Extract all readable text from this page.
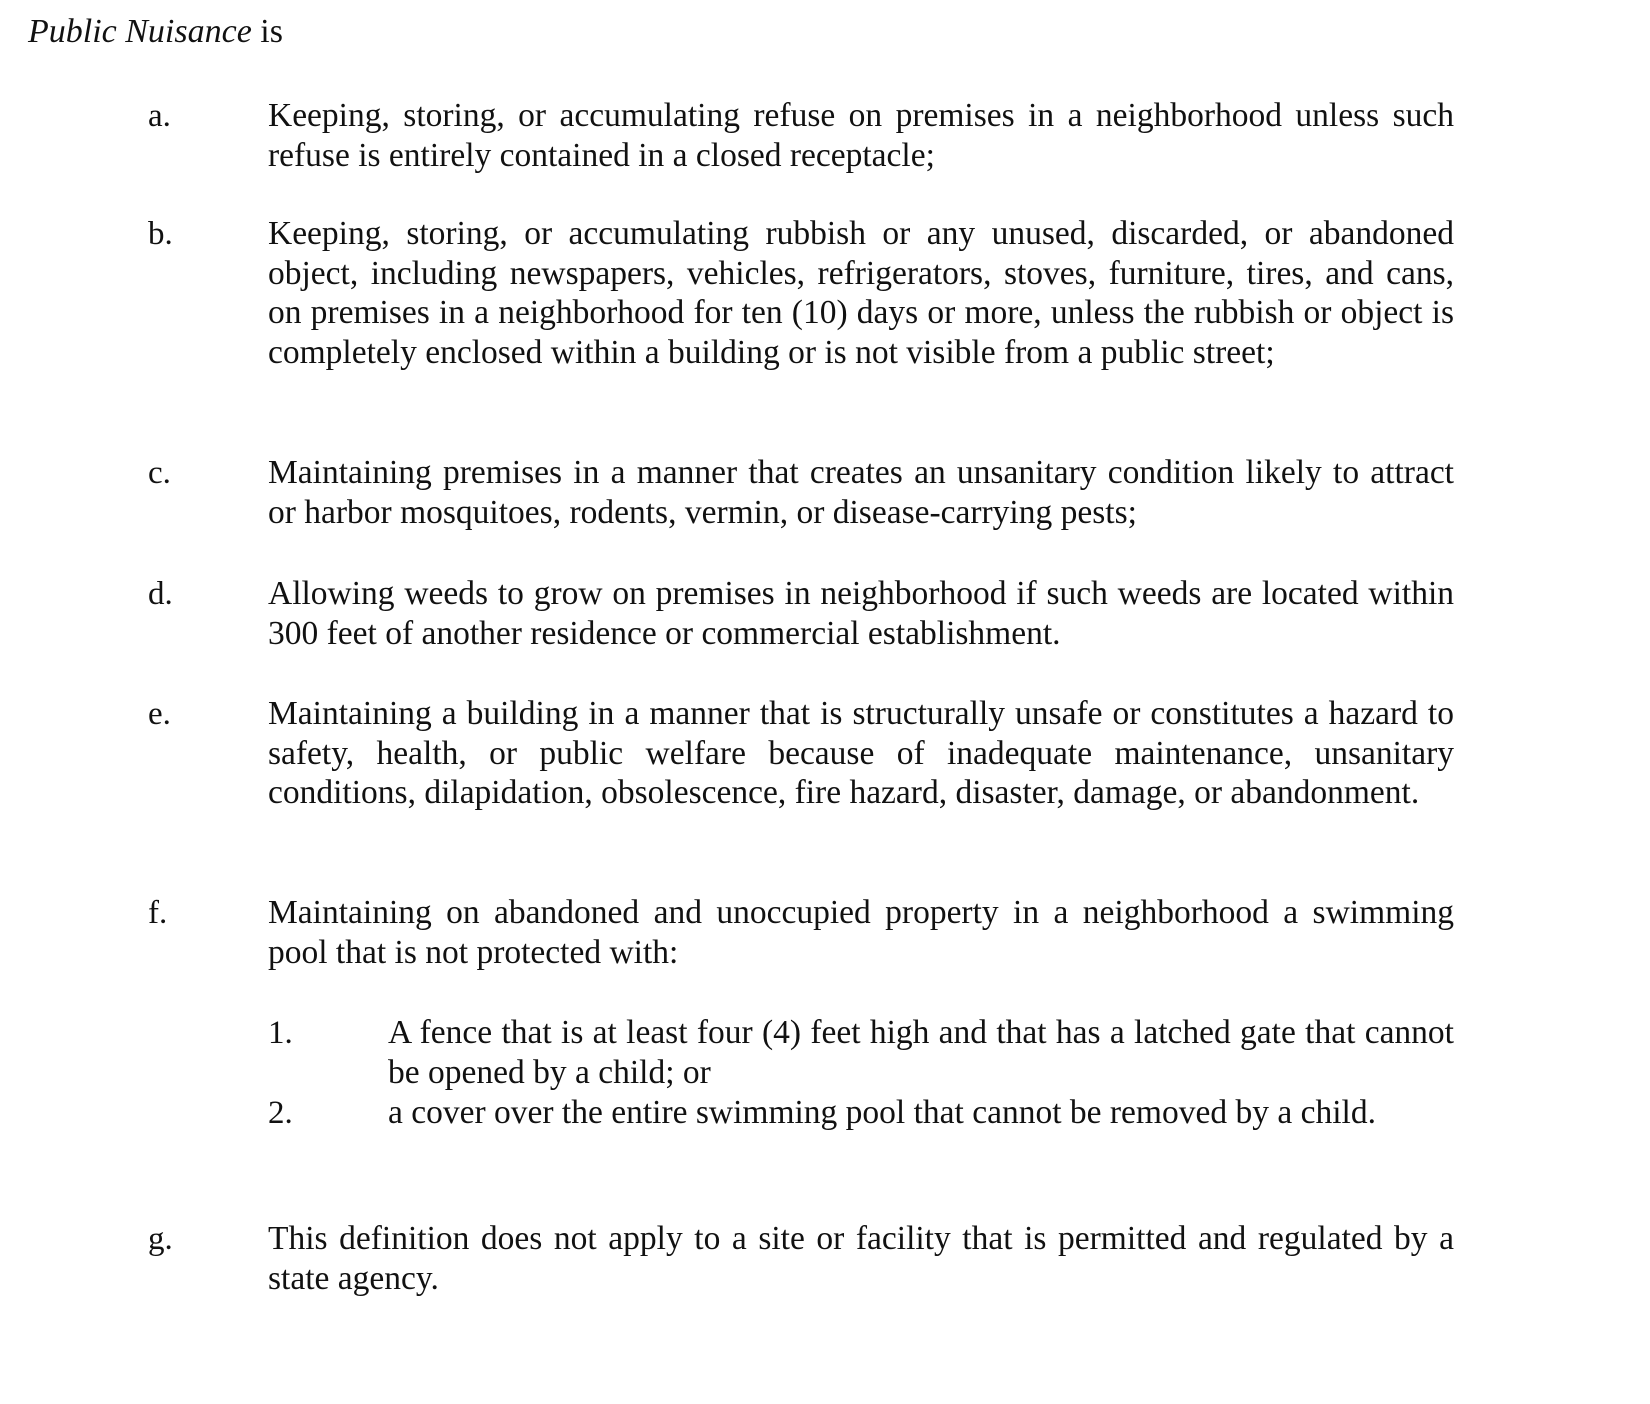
Public Nuisance is
a.	Keeping, storing, or accumulating refuse on premises in a neighborhood unless such refuse is entirely contained in a closed receptacle;
b.	Keeping, storing, or accumulating rubbish or any unused, discarded, or abandoned object, including newspapers, vehicles, refrigerators, stoves, furniture, tires, and cans, on premises in a neighborhood for ten (10) days or more, unless the rubbish or object is completely enclosed within a building or is not visible from a public street;
c.	Maintaining premises in a manner that creates an unsanitary condition likely to attract or harbor mosquitoes, rodents, vermin, or disease-carrying pests;
d.	Allowing weeds to grow on premises in neighborhood if such weeds are located within 300 feet of another residence or commercial establishment.
e.	Maintaining a building in a manner that is structurally unsafe or constitutes a hazard to safety, health, or public welfare because of inadequate maintenance, unsanitary conditions, dilapidation, obsolescence, fire hazard, disaster, damage, or abandonment.
f.	Maintaining on abandoned and unoccupied property in a neighborhood a swimming pool that is not protected with:
1.	A fence that is at least four (4) feet high and that has a latched gate that cannot be opened by a child; or
2.	a cover over the entire swimming pool that cannot be removed by a child.
g.	This definition does not apply to a site or facility that is permitted and regulated by a state agency.
